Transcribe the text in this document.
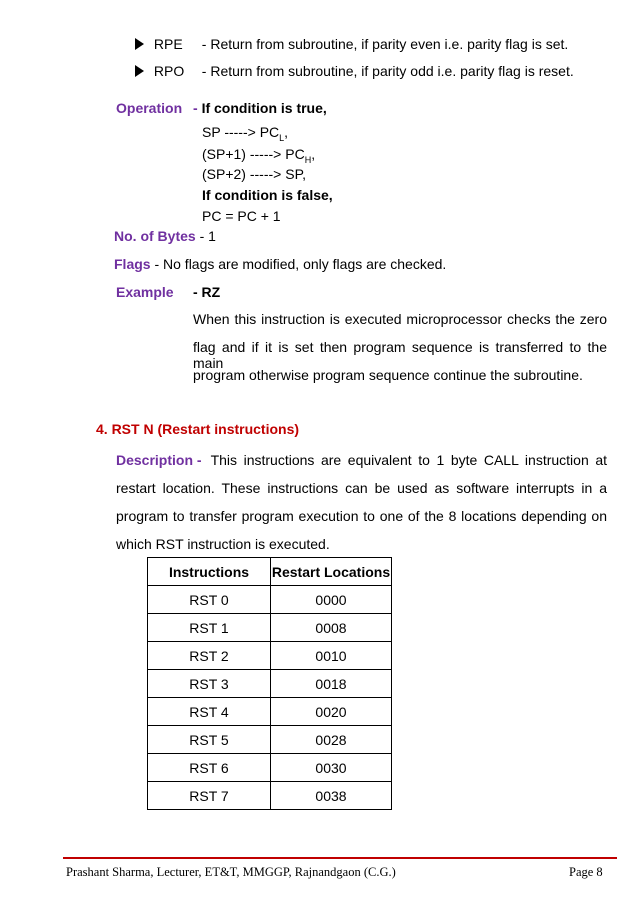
RPE - Return from subroutine, if parity even i.e. parity flag is set.
RPO - Return from subroutine, if parity odd i.e. parity flag is reset.
Operation - If condition is true,
SP -----> $PC_L$,
(SP+1) -----> $PC_H$,
(SP+2) -----> SP,
If condition is false,
PC = PC + 1
No. of Bytes - 1
Flags - No flags are modified, only flags are checked.
Example - RZ
When this instruction is executed microprocessor checks the zero
flag and if it is set then program sequence is transferred to the main
program otherwise program sequence continue the subroutine.
4. RST N (Restart instructions)
Description - This instructions are equivalent to 1 byte CALL instruction at
restart location. These instructions can be used as software interrupts in a
program to transfer program execution to one of the 8 locations depending on
which RST instruction is executed.
Instructions	Restart Locations
RST 0	0000
RST 1	0008
RST 2	0010
RST 3	0018
RST 4	0020
RST 5	0028
RST 6	0030
RST 7	0038
Prashant Sharma, Lecturer, ET&T, MMGGP, Rajnandgaon (C.G.)	Page 8
